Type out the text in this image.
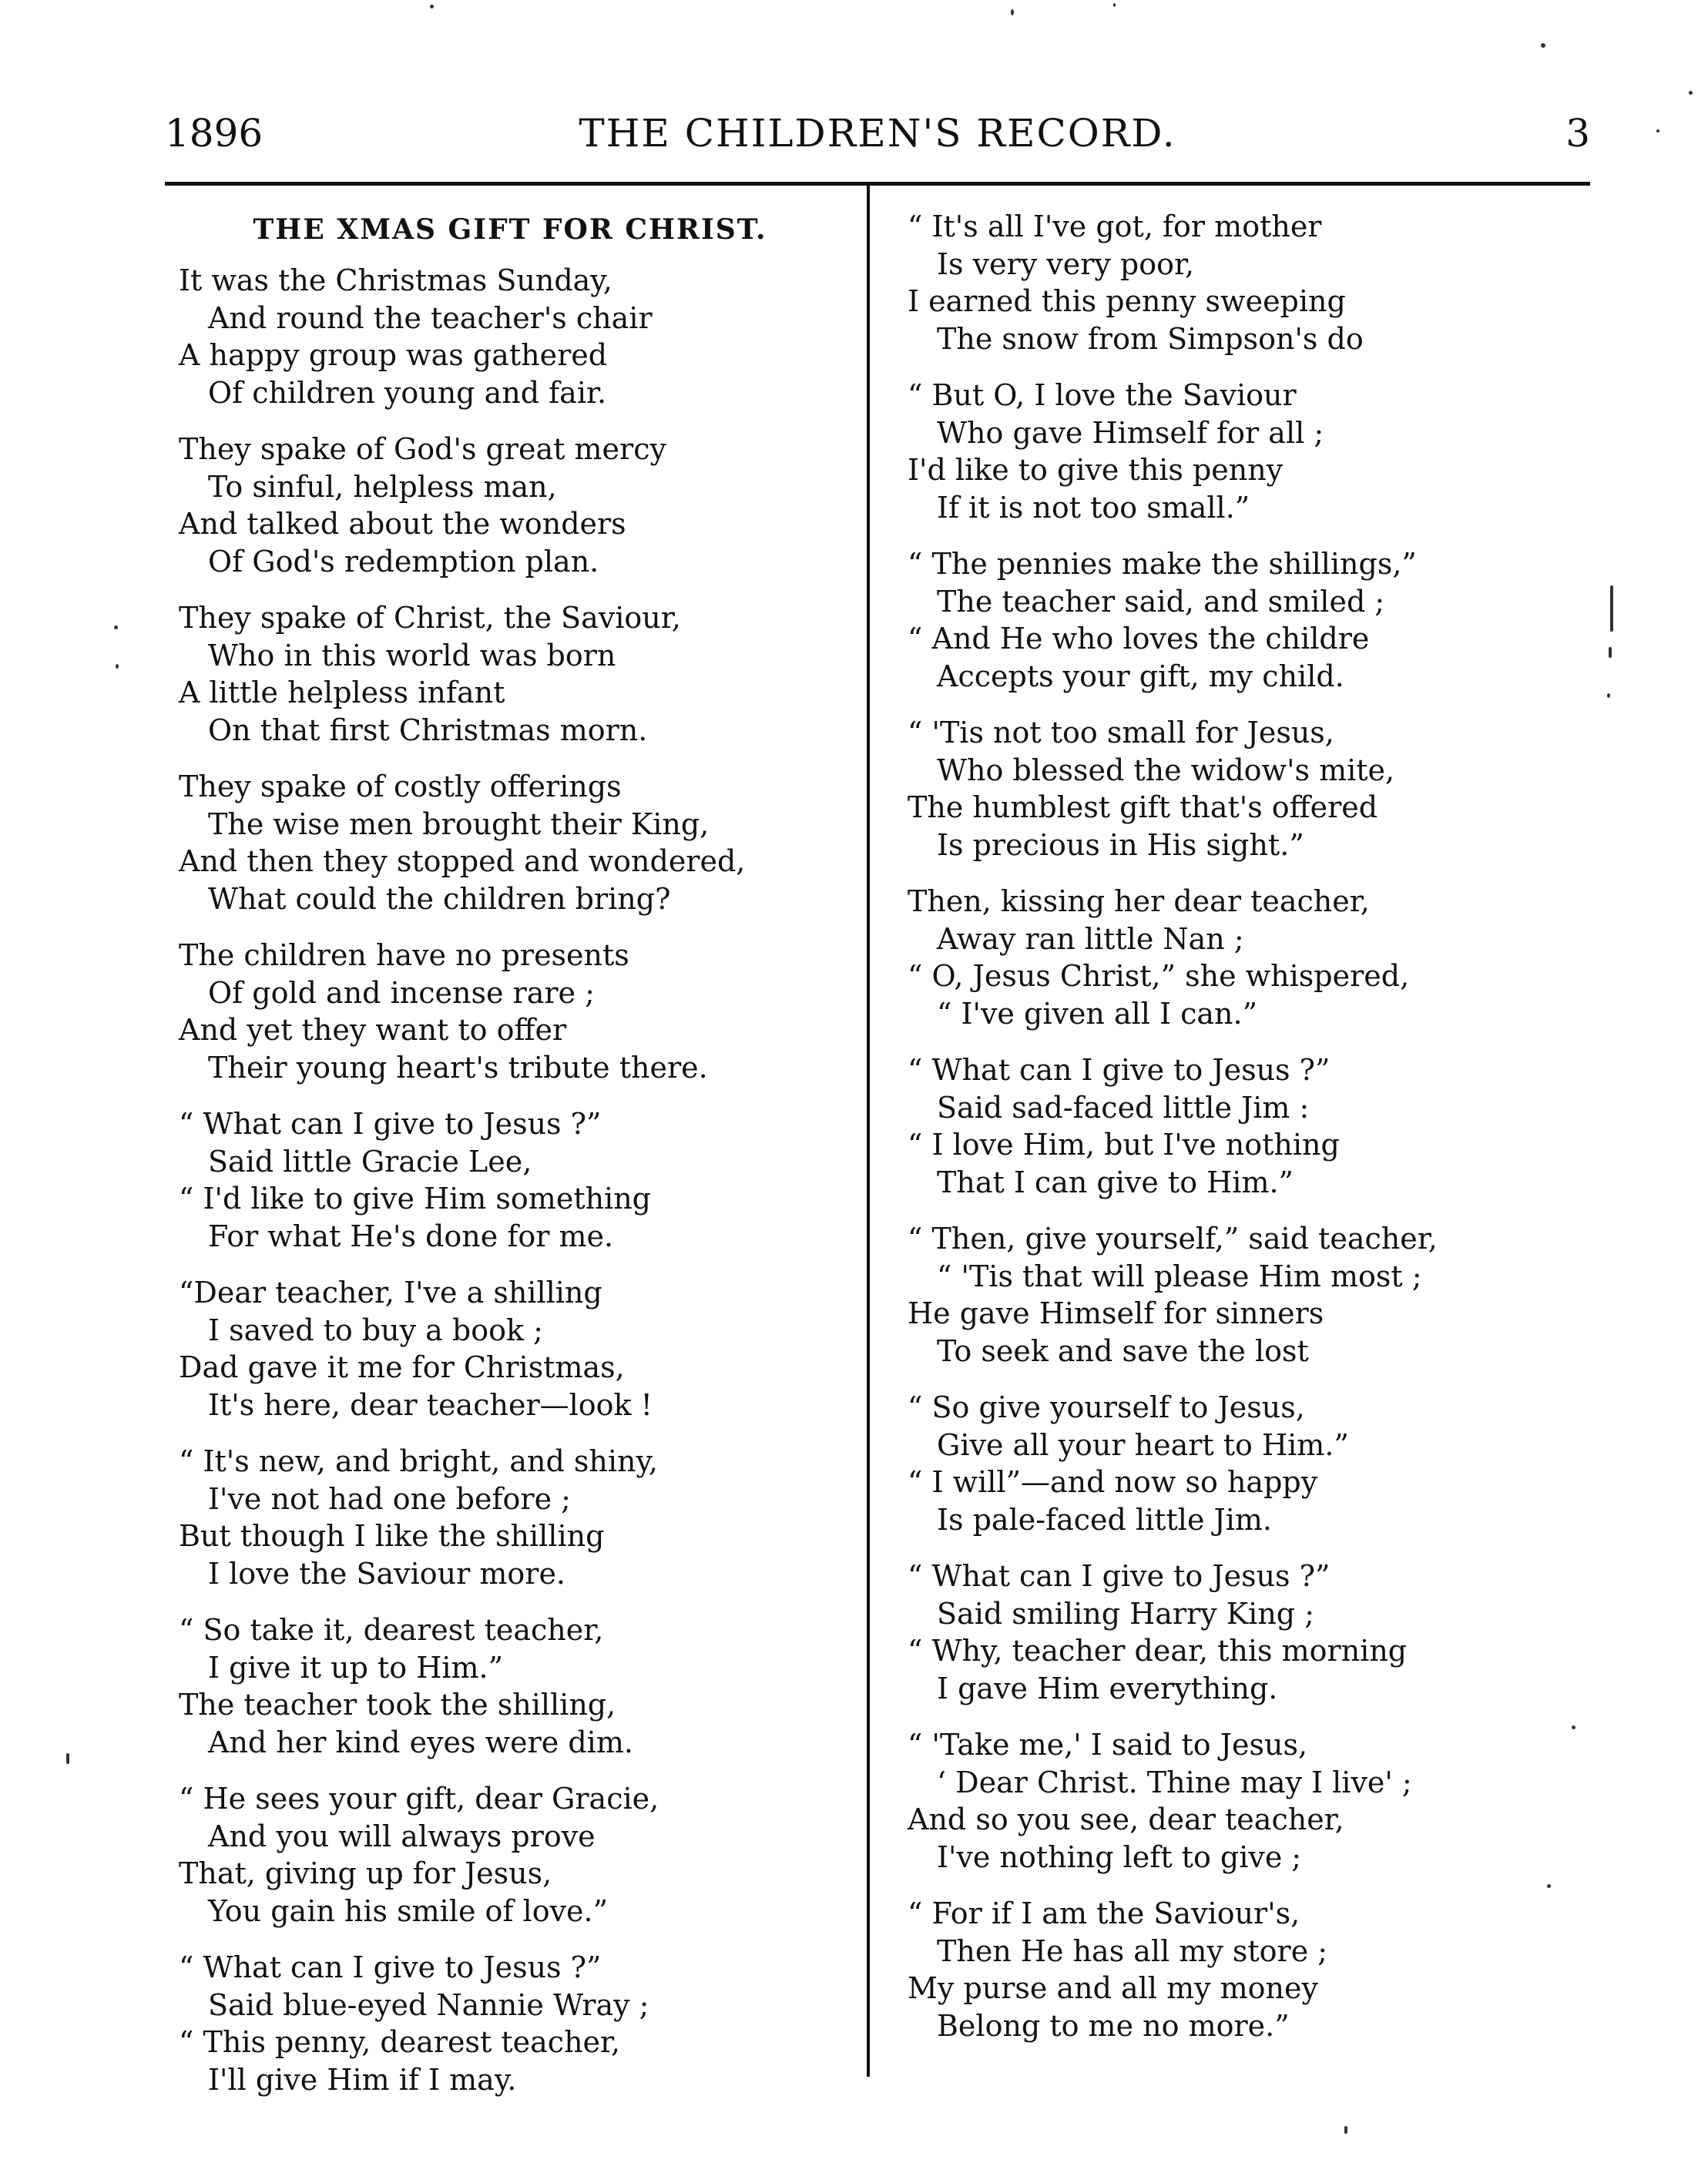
1896	THE CHILDREN'S RECORD.	3
THE XMAS GIFT FOR CHRIST.
It was the Christmas Sunday,
And round the teacher's chair
A happy group was gathered
Of children young and fair.
They spake of God's great mercy
To sinful, helpless man,
And talked about the wonders
Of God's redemption plan.
They spake of Christ, the Saviour,
Who in this world was born
A little helpless infant
On that first Christmas morn.
They spake of costly offerings
The wise men brought their King,
And then they stopped and wondered,
What could the children bring?
The children have no presents
Of gold and incense rare ;
And yet they want to offer
Their young heart's tribute there.
“ What can I give to Jesus ?”
Said little Gracie Lee,
“ I'd like to give Him something
For what He's done for me.
“Dear teacher, I've a shilling
I saved to buy a book ;
Dad gave it me for Christmas,
It's here, dear teacher—look !
“ It's new, and bright, and shiny,
I've not had one before ;
But though I like the shilling
I love the Saviour more.
“ So take it, dearest teacher,
I give it up to Him.”
The teacher took the shilling,
And her kind eyes were dim.
“ He sees your gift, dear Gracie,
And you will always prove
That, giving up for Jesus,
You gain his smile of love.”
“ What can I give to Jesus ?”
Said blue-eyed Nannie Wray ;
“ This penny, dearest teacher,
I'll give Him if I may.
“ It's all I've got, for mother
Is very very poor,
I earned this penny sweeping
The snow from Simpson's do
“ But O, I love the Saviour
Who gave Himself for all ;
I'd like to give this penny
If it is not too small.”
“ The pennies make the shillings,”
The teacher said, and smiled ;
“ And He who loves the childre
Accepts your gift, my child.
“ 'Tis not too small for Jesus,
Who blessed the widow's mite,
The humblest gift that's offered
Is precious in His sight.”
Then, kissing her dear teacher,
Away ran little Nan ;
“ O, Jesus Christ,” she whispered,
“ I've given all I can.”
“ What can I give to Jesus ?”
Said sad-faced little Jim :
“ I love Him, but I've nothing
That I can give to Him.”
“ Then, give yourself,” said teacher,
“ 'Tis that will please Him most ;
He gave Himself for sinners
To seek and save the lost
“ So give yourself to Jesus,
Give all your heart to Him.”
“ I will”—and now so happy
Is pale-faced little Jim.
“ What can I give to Jesus ?”
Said smiling Harry King ;
“ Why, teacher dear, this morning
I gave Him everything.
“ 'Take me,' I said to Jesus,
‘ Dear Christ. Thine may I live' ;
And so you see, dear teacher,
I've nothing left to give ;
“ For if I am the Saviour's,
Then He has all my store ;
My purse and all my money
Belong to me no more.”
